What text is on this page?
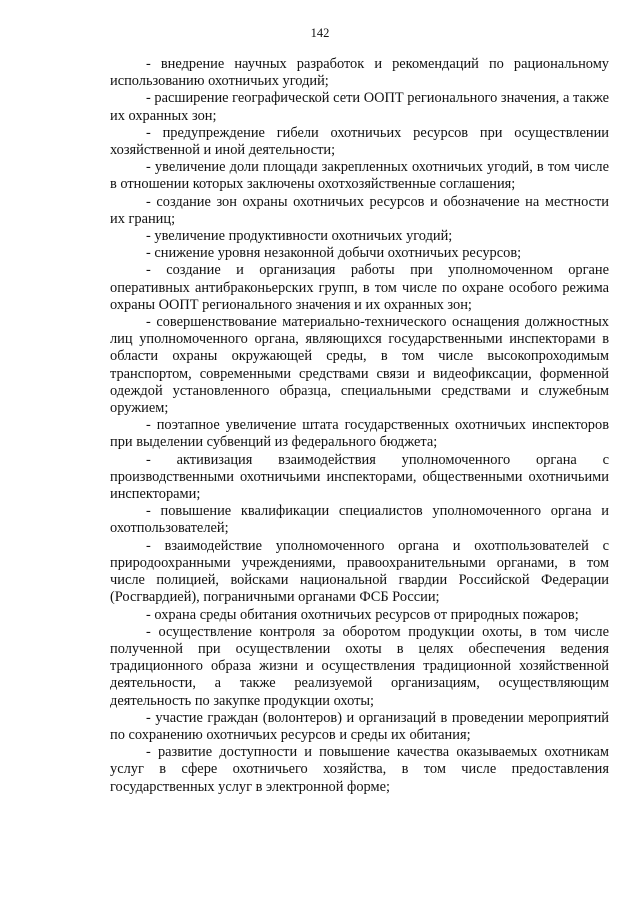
142

- внедрение научных разработок и рекомендаций по рациональному использованию охотничьих угодий;

- расширение географической сети ООПТ регионального значения, а также их охранных зон;

- предупреждение гибели охотничьих ресурсов при осуществлении хозяйственной и иной деятельности;

- увеличение доли площади закрепленных охотничьих угодий, в том числе в отношении которых заключены охотхозяйственные соглашения;

- создание зон охраны охотничьих ресурсов и обозначение на местности их границ;

- увеличение продуктивности охотничьих угодий;

- снижение уровня незаконной добычи охотничьих ресурсов;

- создание и организация работы при уполномоченном органе оперативных антибраконьерских групп, в том числе по охране особого режима охраны ООПТ регионального значения и их охранных зон;

- совершенствование материально-технического оснащения должностных лиц уполномоченного органа, являющихся государственными инспекторами в области охраны окружающей среды, в том числе высокопроходимым транспортом, современными средствами связи и видеофиксации, форменной одеждой установленного образца, специальными средствами и служебным оружием;

- поэтапное увеличение штата государственных охотничьих инспекторов при выделении субвенций из федерального бюджета;

- активизация взаимодействия уполномоченного органа с производственными охотничьими инспекторами, общественными охотничьими инспекторами;

- повышение квалификации специалистов уполномоченного органа и охотпользователей;

- взаимодействие уполномоченного органа и охотпользователей с природоохранными учреждениями, правоохранительными органами, в том числе полицией, войсками национальной гвардии Российской Федерации (Росгвардией), пограничными органами ФСБ России;

- охрана среды обитания охотничьих ресурсов от природных пожаров;

- осуществление контроля за оборотом продукции охоты, в том числе полученной при осуществлении охоты в целях обеспечения ведения традиционного образа жизни и осуществления традиционной хозяйственной деятельности, а также реализуемой организациям, осуществляющим деятельность по закупке продукции охоты;

- участие граждан (волонтеров) и организаций в проведении мероприятий по сохранению охотничьих ресурсов и среды их обитания;

- развитие доступности и повышение качества оказываемых охотникам услуг в сфере охотничьего хозяйства, в том числе предоставления государственных услуг в электронной форме;
